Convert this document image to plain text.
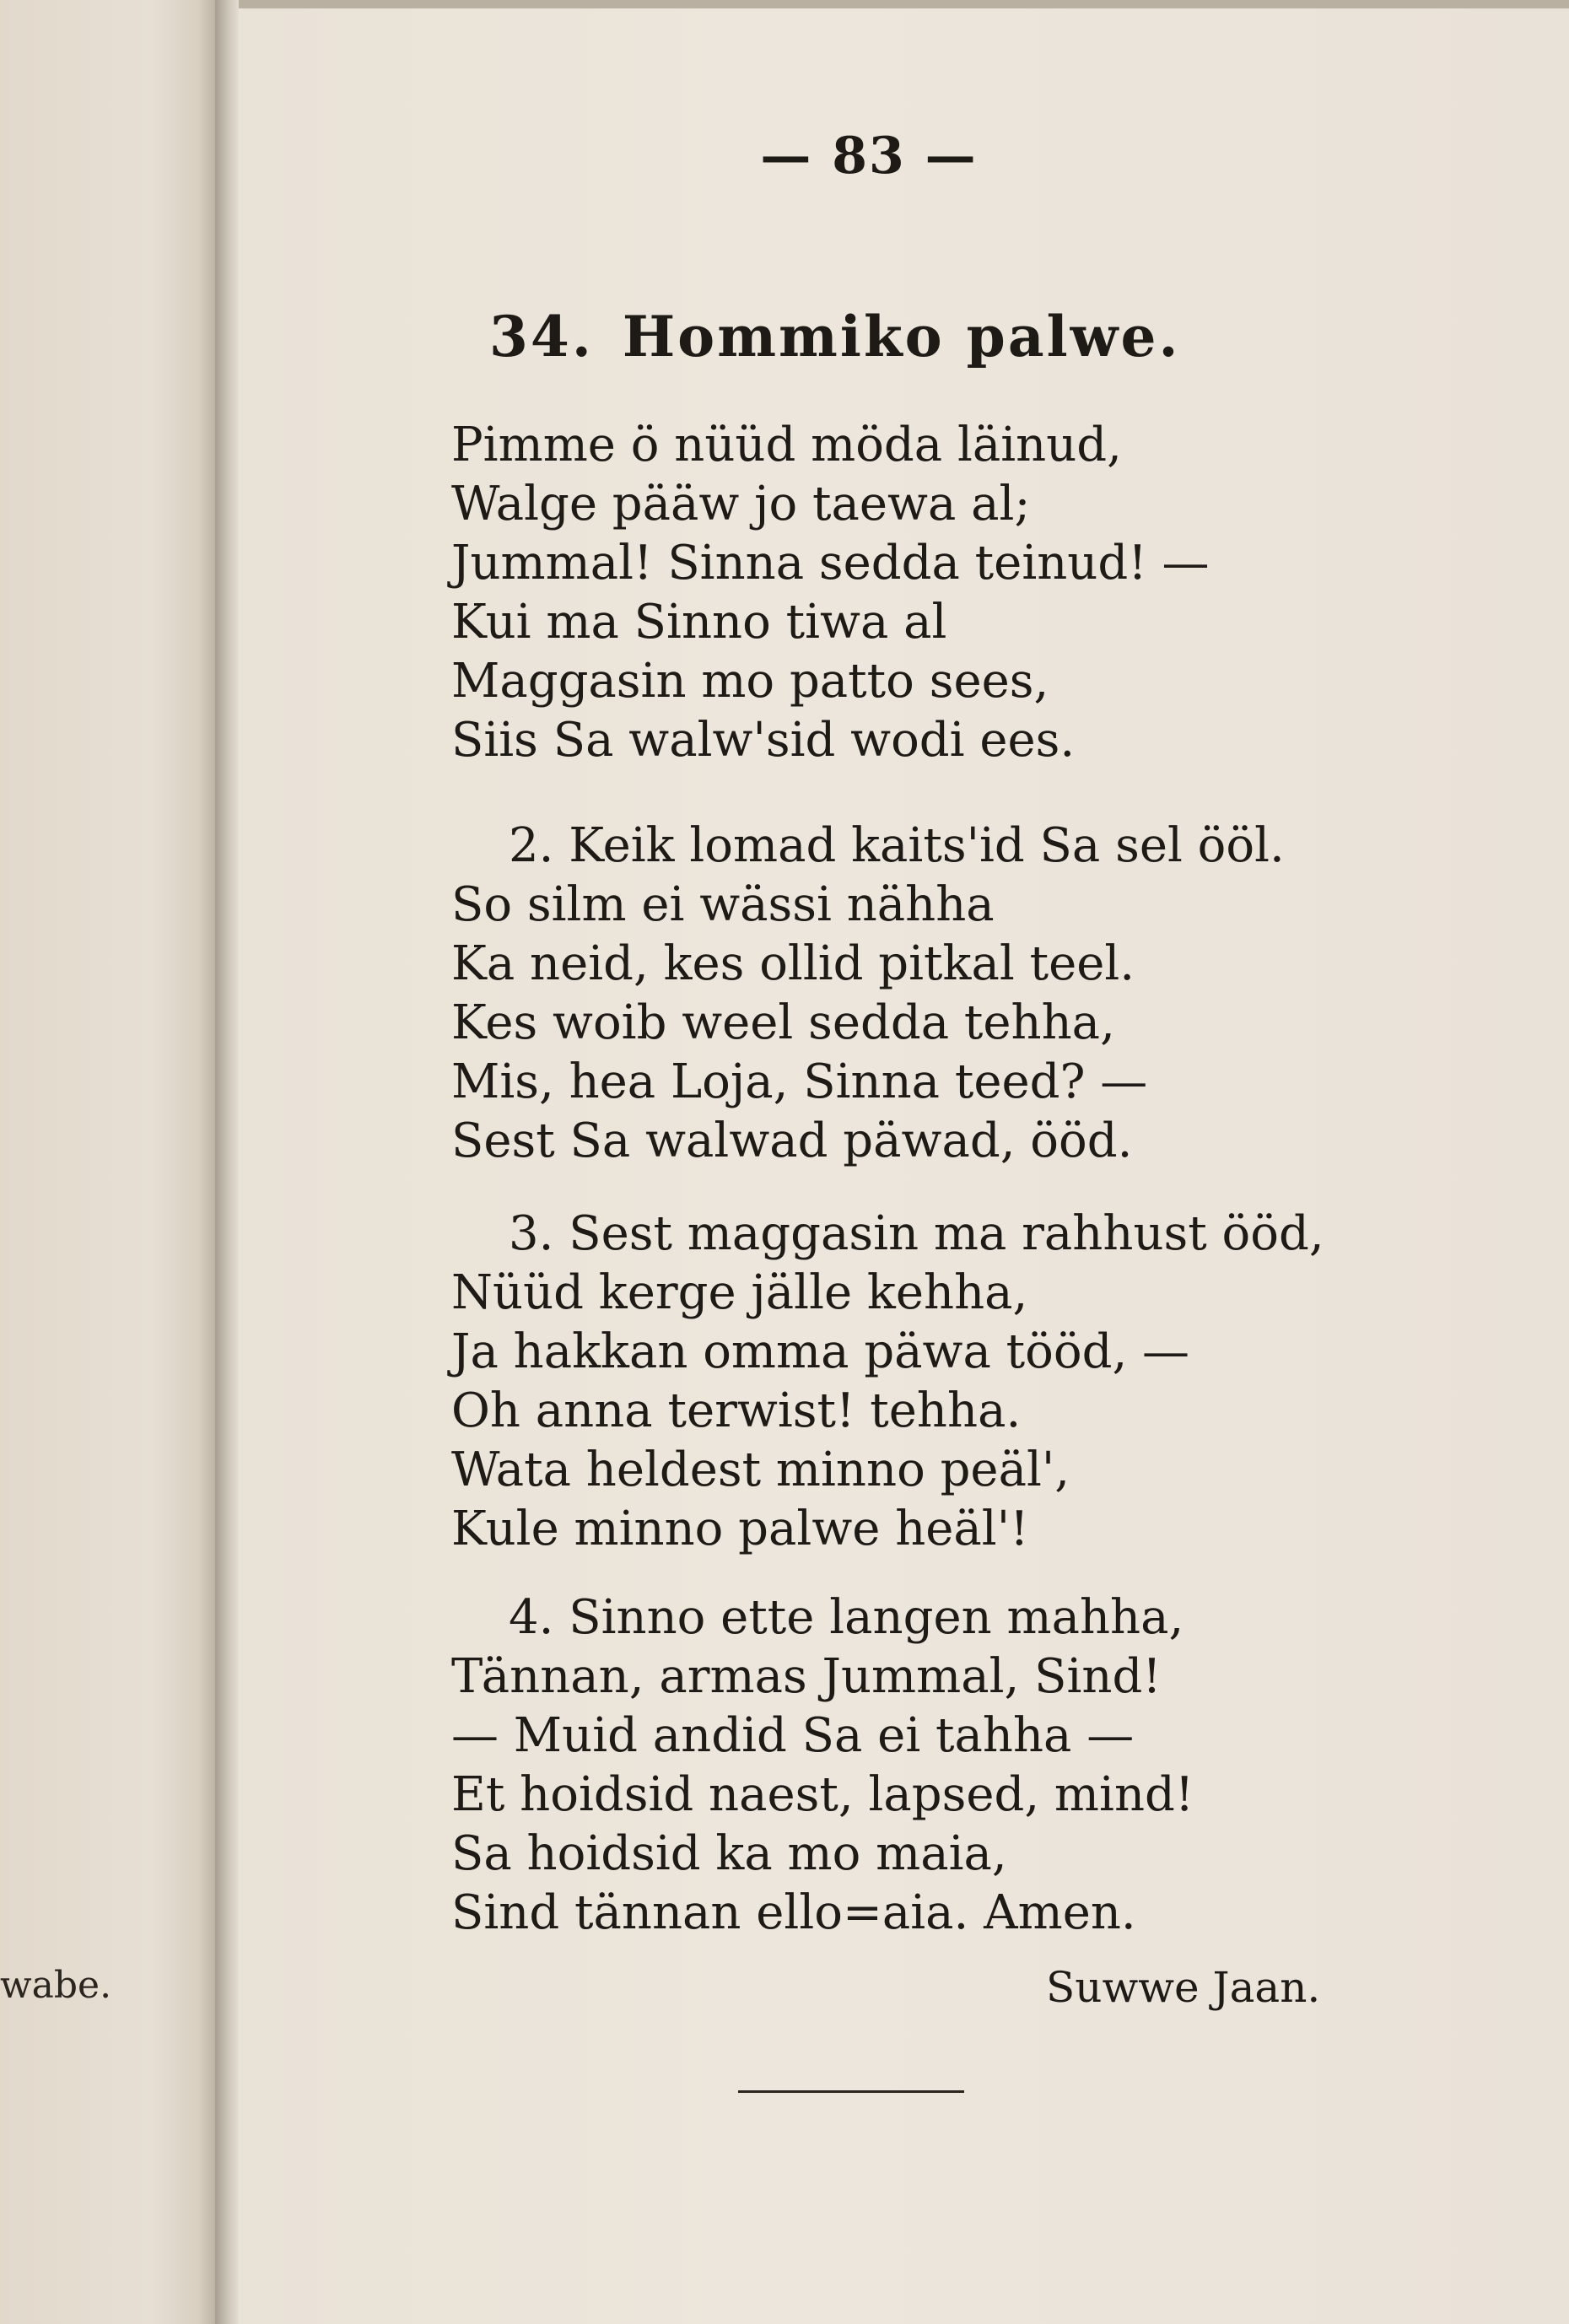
wabe.
— 83 —
34. Hommiko palwe.
Pimme ö nüüd möda läinud,
Walge pääw jo taewa al;
Jummal! Sinna sedda teinud! —
Kui ma Sinno tiwa al
Maggasin mo patto sees,
Siis Sa walw'sid wodi ees.
2. Keik lomad kaits'id Sa sel ööl.
So silm ei wässi nähha
Ka neid, kes ollid pitkal teel.
Kes woib weel sedda tehha,
Mis, hea Loja, Sinna teed? —
Sest Sa walwad päwad, ööd.
3. Sest maggasin ma rahhust ööd,
Nüüd kerge jälle kehha,
Ja hakkan omma päwa tööd, —
Oh anna terwist! tehha.
Wata heldest minno peäl',
Kule minno palwe heäl'!
4. Sinno ette langen mahha,
Tännan, armas Jummal, Sind!
— Muid andid Sa ei tahha —
Et hoidsid naest, lapsed, mind!
Sa hoidsid ka mo maia,
Sind tännan ello=aia. Amen.
Suwwe Jaan.
